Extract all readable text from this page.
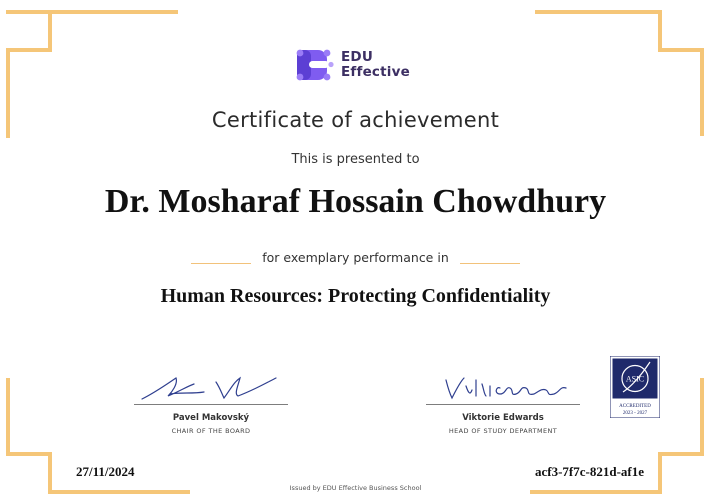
EDU
Effective
Certificate of achievement
This is presented to
Dr. Mosharaf Hossain Chowdhury
for exemplary performance in
Human Resources: Protecting Confidentiality
Pavel Makovský
CHAIR OF THE BOARD
Viktorie Edwards
HEAD OF STUDY DEPARTMENT
ASIC
ACCREDITED
2023 - 2027
27/11/2024	acf3-7f7c-821d-af1e
Issued by EDU Effective Business School
